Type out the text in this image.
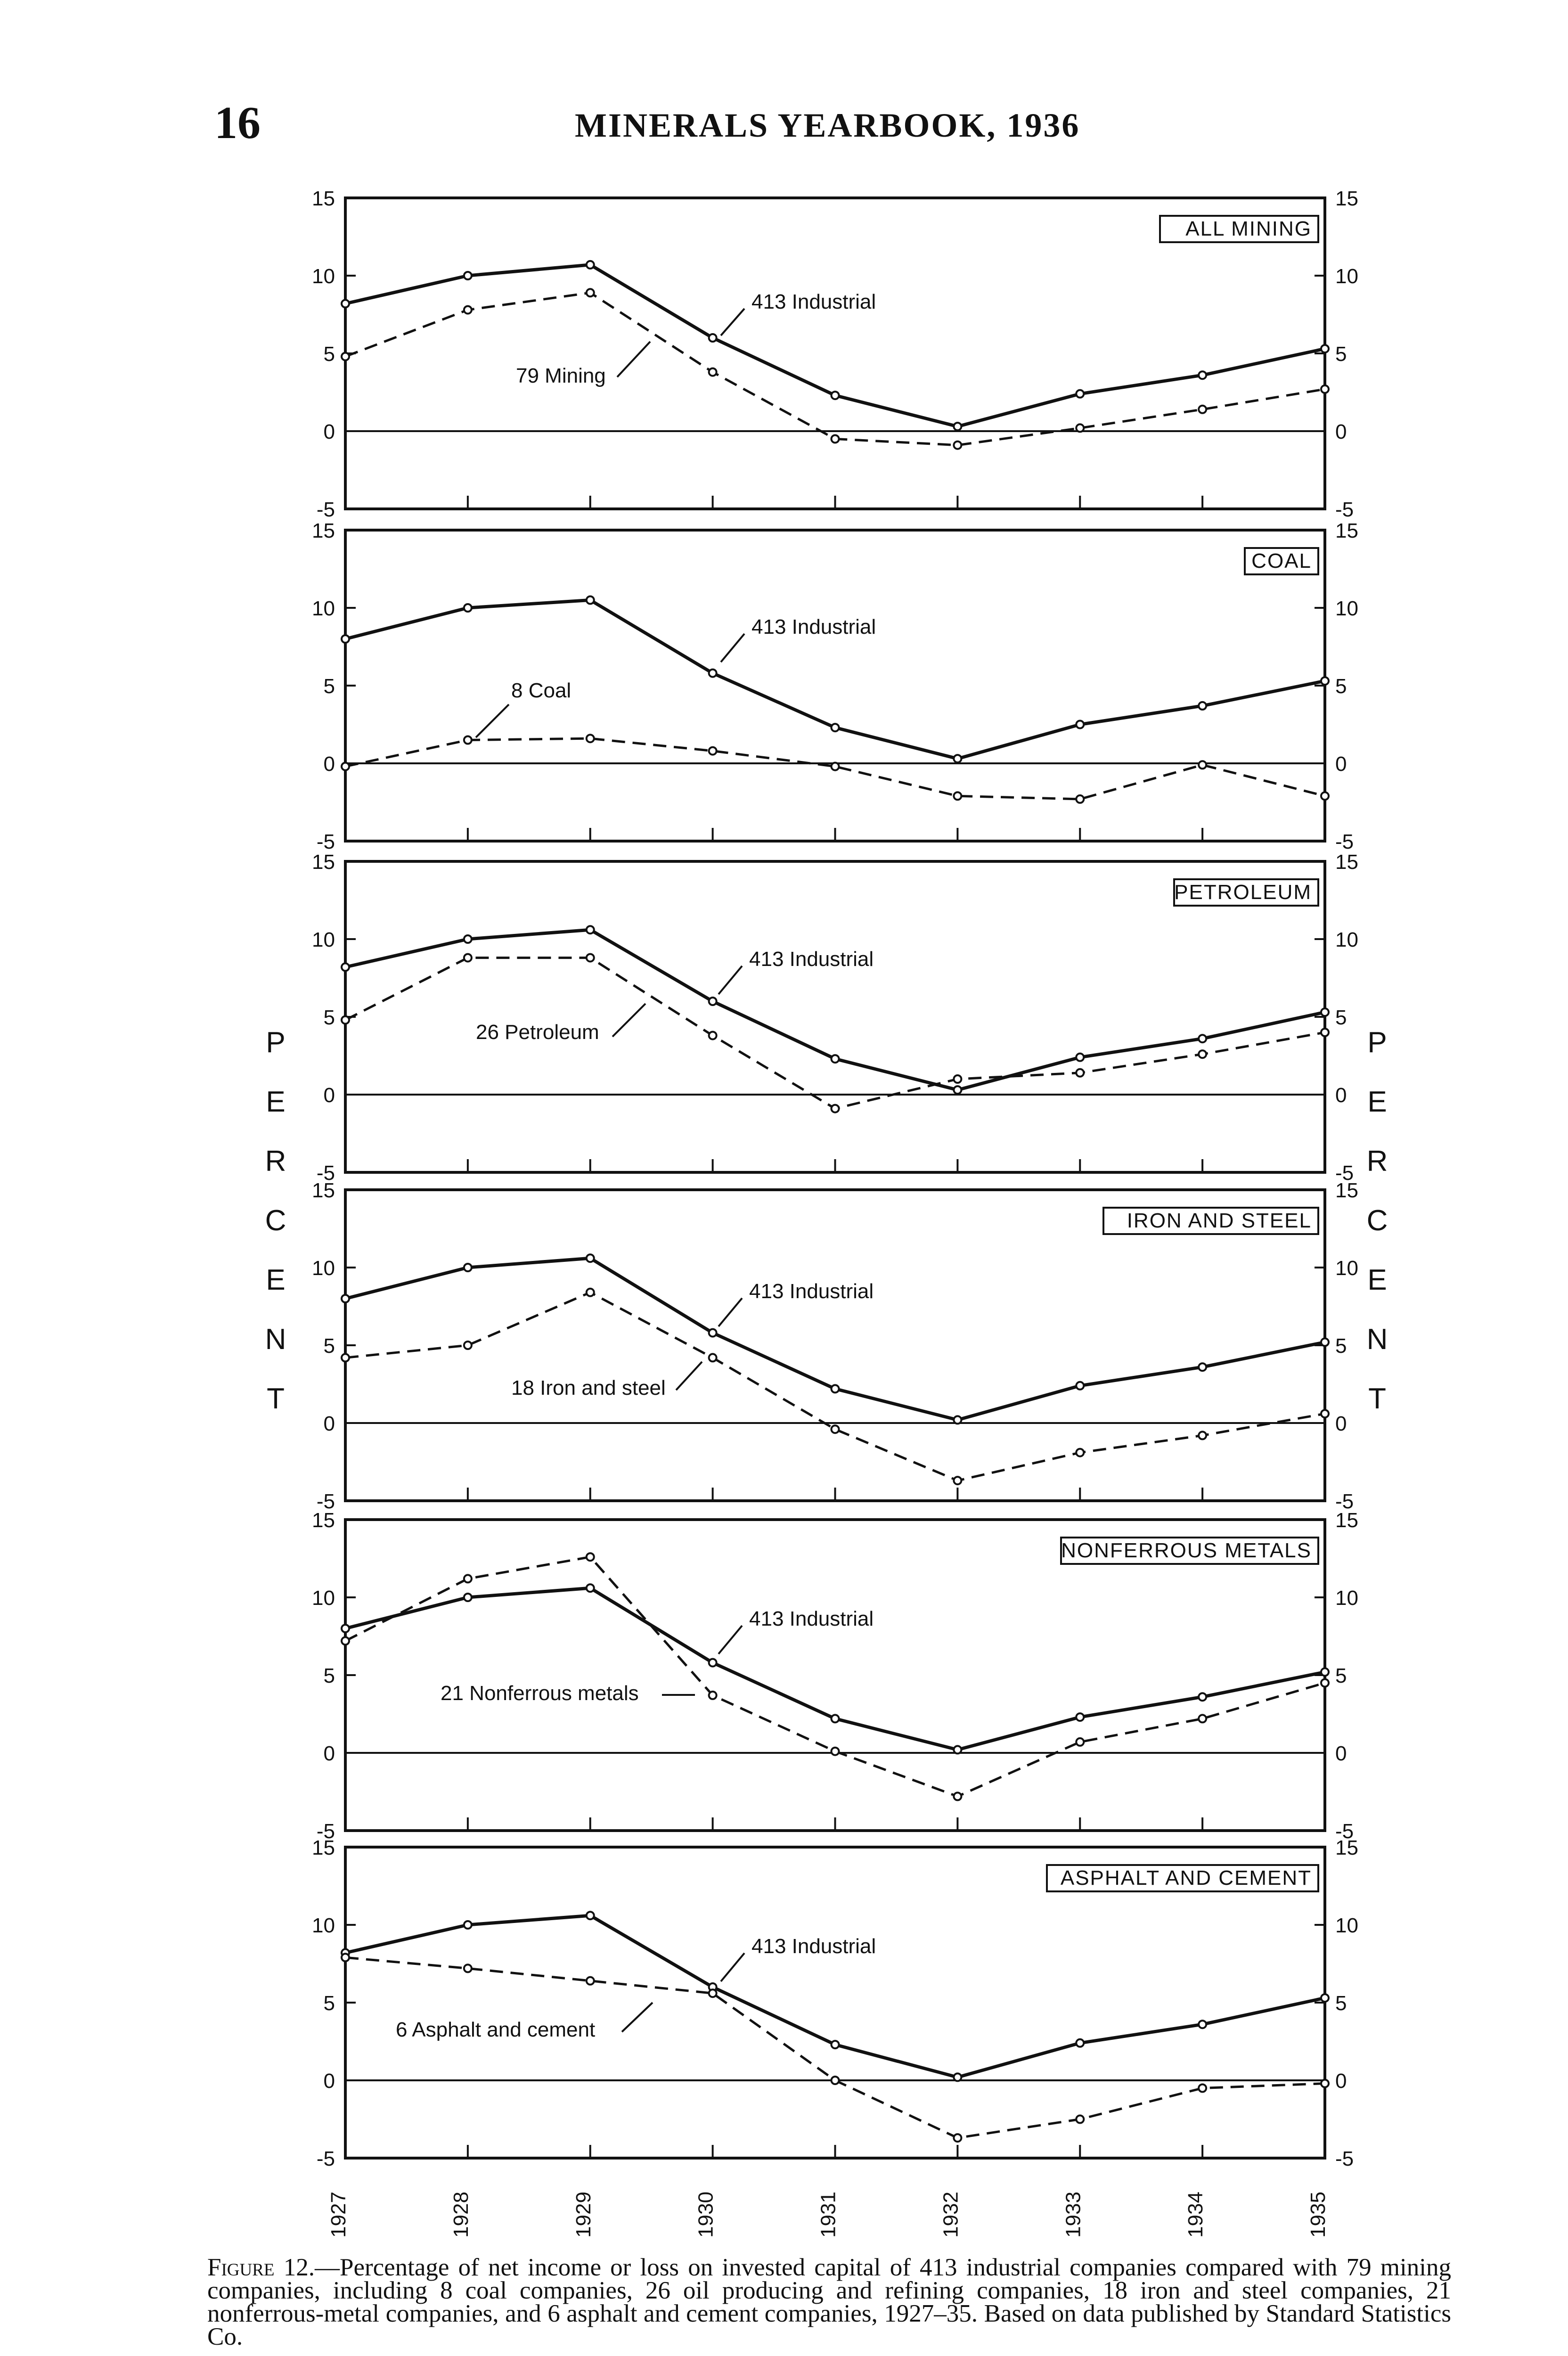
16	MINERALS YEARBOOK, 1936
-5	-5
0	0
5	5
10	10
15	15
ALL MINING
413 Industrial
79 Mining
-5	-5
0	0
5	5
10	10
15	15
COAL
413 Industrial
8 Coal
-5	-5
0	0
5	5
10	10
15	15
PETROLEUM
413 Industrial
26 Petroleum
-5	-5
0	0
5	5
10	10
15	15
IRON AND STEEL
413 Industrial
18 Iron and steel
-5	-5
0	0
5	5
10	10
15	15
NONFERROUS METALS
413 Industrial
21 Nonferrous metals
-5	-5
0	0
5	5
10	10
15	15
ASPHALT AND CEMENT
413 Industrial
6 Asphalt and cement
1927	1928	1929	1930	1931	1932	1933	1934	1935
P
E
R
C
E
N
T
P
E
R
C
E
N
T
Figure 12.—Percentage of net income or loss on invested capital of 413 industrial companies compared with 79 mining companies, including 8 coal companies, 26 oil producing and refining companies, 18 iron and steel companies, 21 nonferrous-metal companies, and 6 asphalt and cement companies, 1927–35. Based on data published by Standard Statistics Co.
